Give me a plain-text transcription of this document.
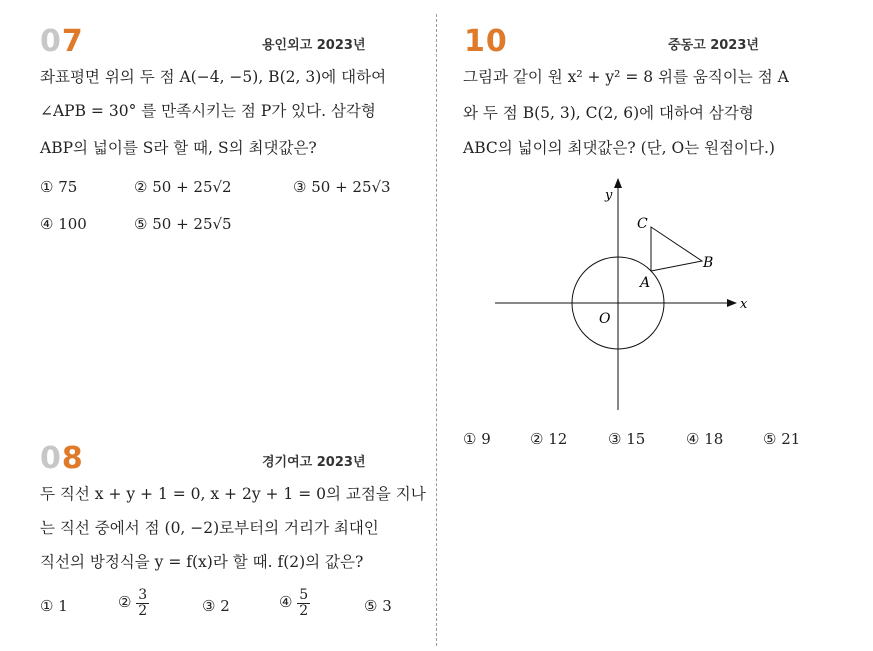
07	용인외고 2023년
좌표평면 위의 두 점 A(−4, −5), B(2, 3)에 대하여
∠APB = 30° 를 만족시키는 점 P가 있다. 삼각형
ABP의 넓이를 S라 할 때, S의 최댓값은?
① 75	② 50 + 25√2	③ 50 + 25√3
④ 100	⑤ 50 + 25√5
08	경기여고 2023년
두 직선 x + y + 1 = 0, x + 2y + 1 = 0의 교점을 지나
는 직선 중에서 점 (0, −2)로부터의 거리가 최대인
직선의 방정식을 y = f(x)라 할 때. f(2)의 값은?
① 1	② $\frac{3}{2}$	③ 2	④ $\frac{5}{2}$	⑤ 3
10	중동고 2023년
그림과 같이 원 x² + y² = 8 위를 움직이는 점 A
와 두 점 B(5, 3), C(2, 6)에 대하여 삼각형
ABC의 넓이의 최댓값은? (단, O는 원점이다.)
x
y
O
A
B
C
① 9	② 12	③ 15	④ 18	⑤ 21
